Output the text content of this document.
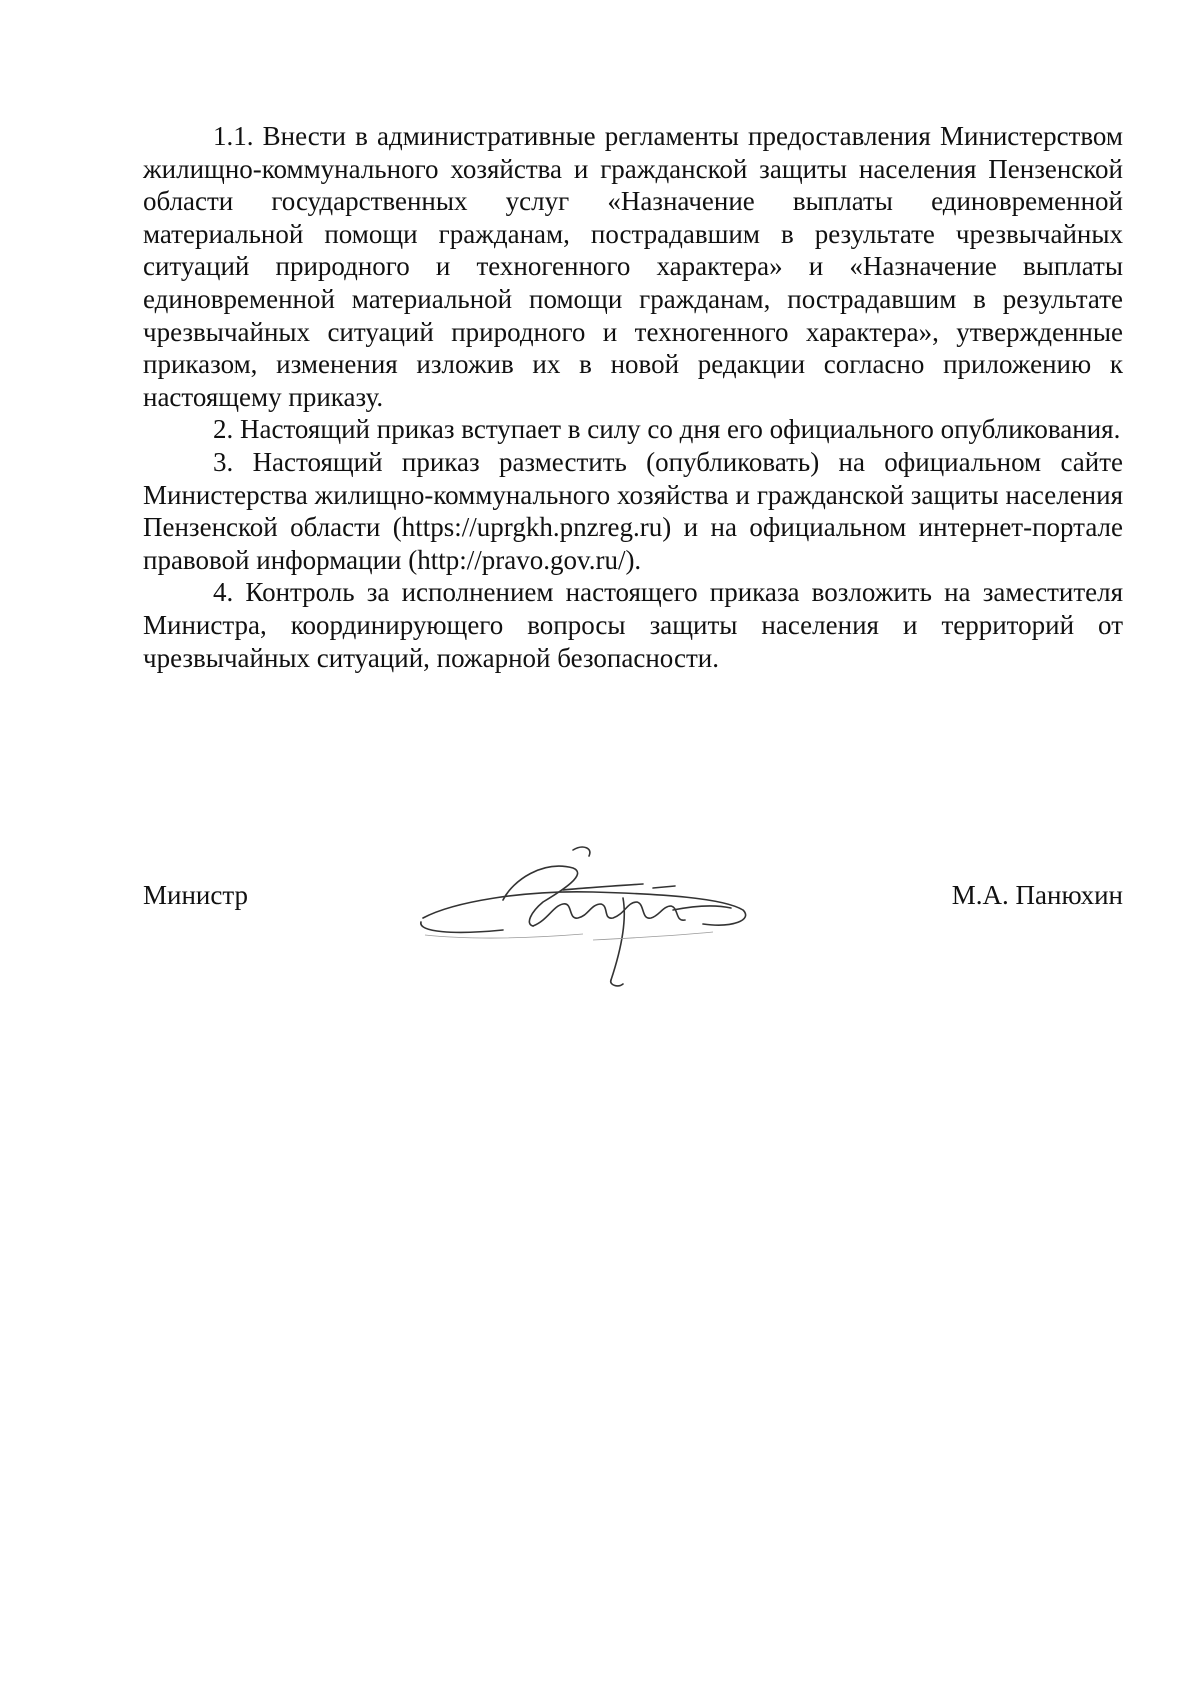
1.1. Внести в административные регламенты предоставления Министерством жилищно-коммунального хозяйства и гражданской защиты населения Пензенской области государственных услуг «Назначение выплаты единовременной материальной помощи гражданам, пострадавшим в результате чрезвычайных ситуаций природного и техногенного характера» и «Назначение выплаты единовременной материальной помощи гражданам, пострадавшим в результате чрезвычайных ситуаций природного и техногенного характера», утвержденные приказом, изменения изложив их в новой редакции согласно приложению к настоящему приказу.

2. Настоящий приказ вступает в силу со дня его официального опубликования.

3. Настоящий приказ разместить (опубликовать) на официальном сайте Министерства жилищно-коммунального хозяйства и гражданской защиты населения Пензенской области (https://uprgkh.pnzreg.ru) и на официальном интернет-портале правовой информации (http://pravo.gov.ru/).

4. Контроль за исполнением настоящего приказа возложить на заместителя Министра, координирующего вопросы защиты населения и территорий от чрезвычайных ситуаций, пожарной безопасности.

Министр	М.А. Панюхин
